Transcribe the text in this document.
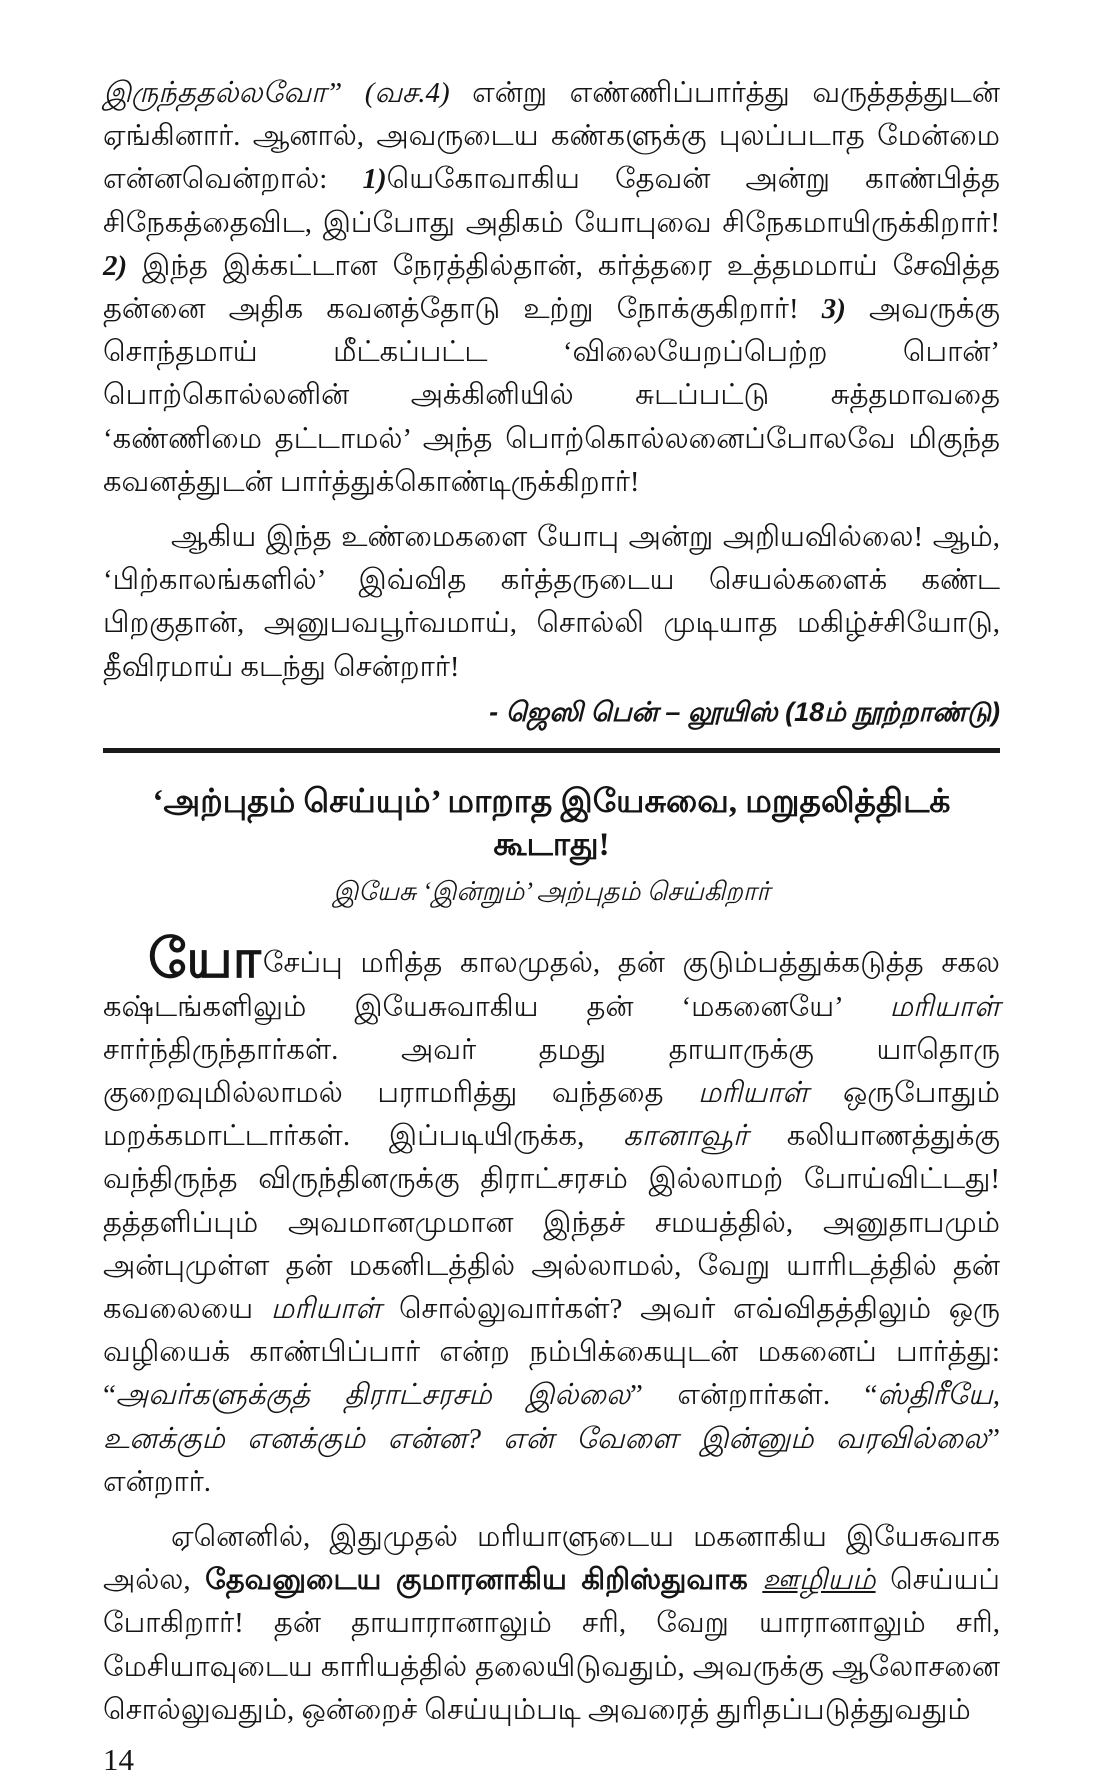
இருந்ததல்லவோ” (வச.4) என்று எண்ணிப்பார்த்து வருத்தத்துடன் ஏங்கினார். ஆனால், அவருடைய கண்களுக்கு புலப்படாத மேன்மை என்னவென்றால்: 1)யெகோவாகிய தேவன் அன்று காண்பித்த சிநேகத்தைவிட, இப்போது அதிகம் யோபுவை சிநேகமாயிருக்கிறார்! 2) இந்த இக்கட்டான நேரத்தில்தான், கர்த்தரை உத்தமமாய் சேவித்த தன்னை அதிக கவனத்தோடு உற்று நோக்குகிறார்! 3) அவருக்கு சொந்தமாய் மீட்கப்பட்ட ‘விலையேறப்பெற்ற பொன்’ பொற்கொல்லனின் அக்கினியில் சுடப்பட்டு சுத்தமாவதை ‘கண்ணிமை தட்டாமல்’ அந்த பொற்கொல்லனைப்போலவே மிகுந்த கவனத்துடன் பார்த்துக்கொண்டிருக்கிறார்!

ஆகிய இந்த உண்மைகளை யோபு அன்று அறியவில்லை! ஆம், ‘பிற்காலங்களில்’ இவ்வித கர்த்தருடைய செயல்களைக் கண்ட பிறகுதான், அனுபவபூர்வமாய், சொல்லி முடியாத மகிழ்ச்சியோடு, தீவிரமாய் கடந்து சென்றார்!

- ஜெஸி பென் – லூயிஸ் (18ம் நூற்றாண்டு)

‘அற்புதம் செய்யும்’ மாறாத இயேசுவை, மறுதலித்திடக் கூடாது!

இயேசு ‘இன்றும்’ அற்புதம் செய்கிறார்

யோசேப்பு மரித்த காலமுதல், தன் குடும்பத்துக்கடுத்த சகல கஷ்டங்களிலும் இயேசுவாகிய தன் ‘மகனையே’ மரியாள் சார்ந்திருந்தார்கள். அவர் தமது தாயாருக்கு யாதொரு குறைவுமில்லாமல் பராமரித்து வந்ததை மரியாள் ஒருபோதும் மறக்கமாட்டார்கள். இப்படியிருக்க, கானாவூர் கலியாணத்துக்கு வந்திருந்த விருந்தினருக்கு திராட்சரசம் இல்லாமற் போய்விட்டது! தத்தளிப்பும் அவமானமுமான இந்தச் சமயத்தில், அனுதாபமும் அன்புமுள்ள தன் மகனிடத்தில் அல்லாமல், வேறு யாரிடத்தில் தன் கவலையை மரியாள் சொல்லுவார்கள்? அவர் எவ்விதத்திலும் ஒரு வழியைக் காண்பிப்பார் என்ற நம்பிக்கையுடன் மகனைப் பார்த்து: “அவர்களுக்குத் திராட்சரசம் இல்லை” என்றார்கள். “ஸ்திரீயே, உனக்கும் எனக்கும் என்ன? என் வேளை இன்னும் வரவில்லை” என்றார்.

ஏனெனில், இதுமுதல் மரியாளுடைய மகனாகிய இயேசுவாக அல்ல, தேவனுடைய குமாரனாகிய கிறிஸ்துவாக ஊழியம் செய்யப் போகிறார்! தன் தாயாரானாலும் சரி, வேறு யாரானாலும் சரி, மேசியாவுடைய காரியத்தில் தலையிடுவதும், அவருக்கு ஆலோசனை சொல்லுவதும், ஒன்றைச் செய்யும்படி அவரைத் துரிதப்படுத்துவதும்

14
